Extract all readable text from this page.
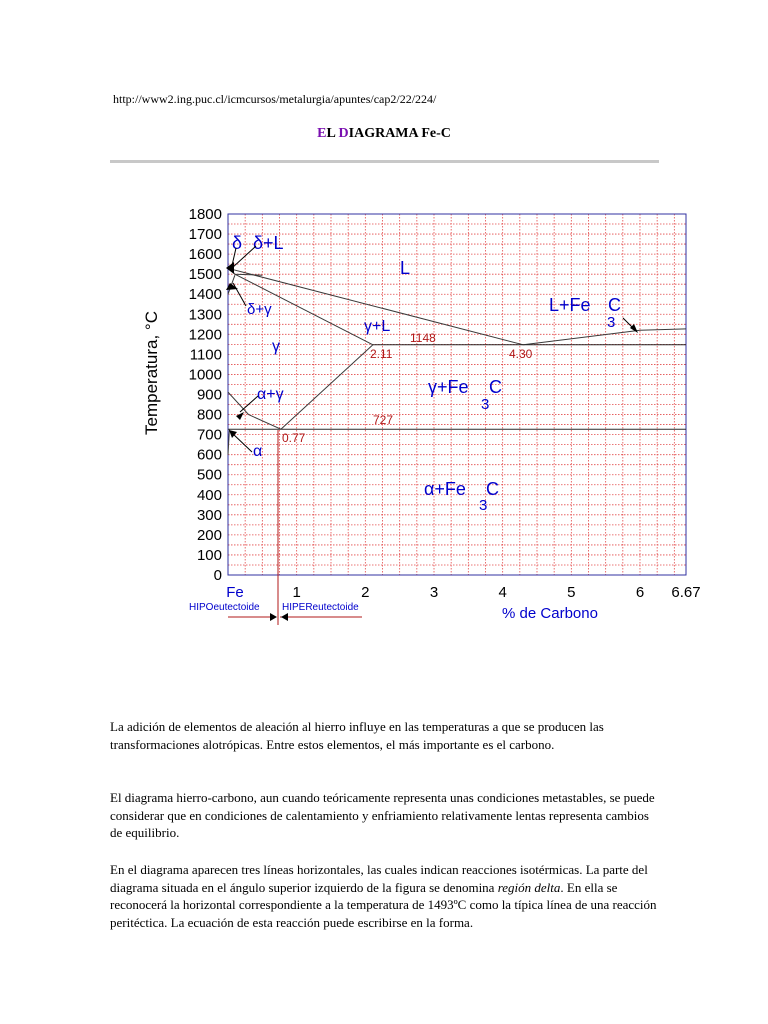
http://www2.ing.puc.cl/icmcursos/metalurgia/apuntes/cap2/22/224/
EL DIAGRAMA Fe-C
1800
1700
1600
1500
1400
1300
1200
1100
1000
900
800
700
600
500
400
300
200
100
0
Fe	1	2	3	4	5	6 6.67
Temperatura, °C
% de Carbono
δ δ+L
L
δ+γ
γ+L
L+Fe C
3
γ
α+γ	γ+Fe C
3
α
α+Fe C
3
1148
2.11	4.30
727
0.77
HIPOeutectoide HIPEReutectoide

La adición de elementos de aleación al hierro influye en las temperaturas a que se producen las transformaciones alotrópicas. Entre estos elementos, el más importante es el carbono.

El diagrama hierro-carbono, aun cuando teóricamente representa unas condiciones metastables, se puede considerar que en condiciones de calentamiento y enfriamiento relativamente lentas representa cambios de equilibrio.

En el diagrama aparecen tres líneas horizontales, las cuales indican reacciones isotérmicas. La parte del diagrama situada en el ángulo superior izquierdo de la figura se denomina región delta. En ella se reconocerá la horizontal correspondiente a la temperatura de 1493ºC como la típica línea de una reacción peritéctica. La ecuación de esta reacción puede escribirse en la forma.
